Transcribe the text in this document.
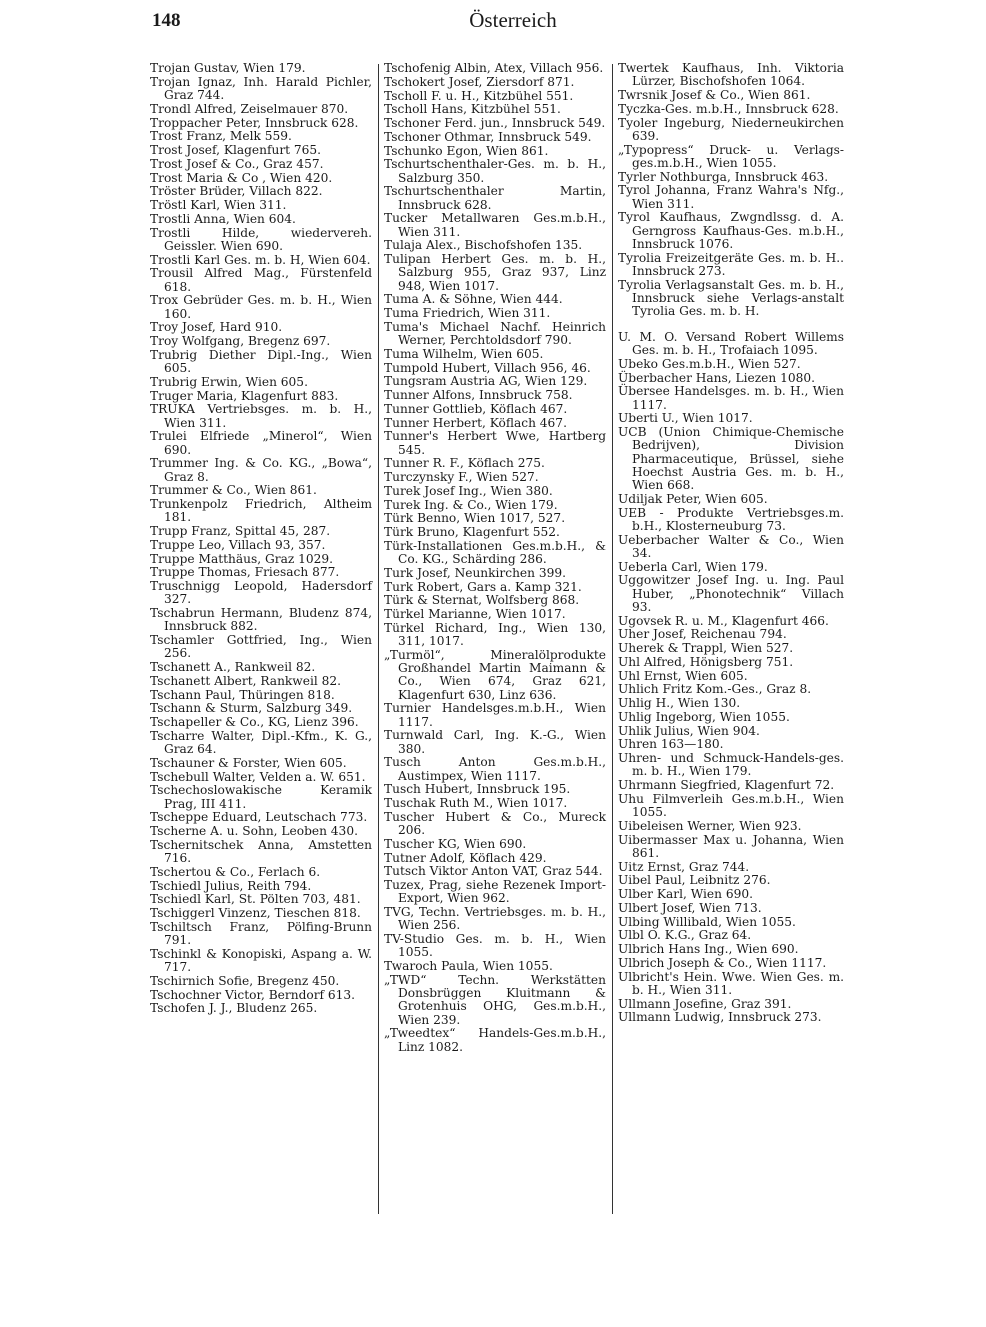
148	Österreich
Trojan Gustav, Wien 179.
Trojan Ignaz, Inh. Harald Pichler, Graz 744.
Trondl Alfred, Zeiselmauer 870.
Troppacher Peter, Innsbruck 628.
Trost Franz, Melk 559.
Trost Josef, Klagenfurt 765.
Trost Josef & Co., Graz 457.
Trost Maria & Co , Wien 420.
Tröster Brüder, Villach 822.
Tröstl Karl, Wien 311.
Trostli Anna, Wien 604.
Trostli Hilde, wiedervereh. Geissler. Wien 690.
Trostli Karl Ges. m. b. H, Wien 604.
Trousil Alfred Mag., Fürstenfeld 618.
Trox Gebrüder Ges. m. b. H., Wien 160.
Troy Josef, Hard 910.
Troy Wolfgang, Bregenz 697.
Trubrig Diether Dipl.-Ing., Wien 605.
Trubrig Erwin, Wien 605.
Truger Maria, Klagenfurt 883.
TRUKA Vertriebsges. m. b. H., Wien 311.
Trulei Elfriede „Minerol“, Wien 690.
Trummer Ing. & Co. KG., „Bowa“, Graz 8.
Trummer & Co., Wien 861.
Trunkenpolz Friedrich, Altheim 181.
Trupp Franz, Spittal 45, 287.
Truppe Leo, Villach 93, 357.
Truppe Matthäus, Graz 1029.
Truppe Thomas, Friesach 877.
Truschnigg Leopold, Hadersdorf 327.
Tschabrun Hermann, Bludenz 874, Innsbruck 882.
Tschamler Gottfried, Ing., Wien 256.
Tschanett A., Rankweil 82.
Tschanett Albert, Rankweil 82.
Tschann Paul, Thüringen 818.
Tschann & Sturm, Salzburg 349.
Tschapeller & Co., KG, Lienz 396.
Tscharre Walter, Dipl.-Kfm., K. G., Graz 64.
Tschauner & Forster, Wien 605.
Tschebull Walter, Velden a. W. 651.
Tschechoslowakische Keramik Prag, III 411.
Tscheppe Eduard, Leutschach 773.
Tscherne A. u. Sohn, Leoben 430.
Tschernitschek Anna, Amstetten 716.
Tschertou & Co., Ferlach 6.
Tschiedl Julius, Reith 794.
Tschiedl Karl, St. Pölten 703, 481.
Tschiggerl Vinzenz, Tieschen 818.
Tschiltsch Franz, Pölfing-Brunn 791.
Tschinkl & Konopiski, Aspang a. W. 717.
Tschirnich Sofie, Bregenz 450.
Tschochner Victor, Berndorf 613.
Tschofen J. J., Bludenz 265.
Tschofenig Albin, Atex, Villach 956.
Tschokert Josef, Ziersdorf 871.
Tscholl F. u. H., Kitzbühel 551.
Tscholl Hans, Kitzbühel 551.
Tschoner Ferd. jun., Innsbruck 549.
Tschoner Othmar, Innsbruck 549.
Tschunko Egon, Wien 861.
Tschurtschenthaler-Ges. m. b. H., Salzburg 350.
Tschurtschenthaler Martin, Innsbruck 628.
Tucker Metallwaren Ges.m.b.H., Wien 311.
Tulaja Alex., Bischofshofen 135.
Tulipan Herbert Ges. m. b. H., Salzburg 955, Graz 937, Linz 948, Wien 1017.
Tuma A. & Söhne, Wien 444.
Tuma Friedrich, Wien 311.
Tuma's Michael Nachf. Heinrich Werner, Perchtoldsdorf 790.
Tuma Wilhelm, Wien 605.
Tumpold Hubert, Villach 956, 46.
Tungsram Austria AG, Wien 129.
Tunner Alfons, Innsbruck 758.
Tunner Gottlieb, Köflach 467.
Tunner Herbert, Köflach 467.
Tunner's Herbert Wwe, Hartberg 545.
Tunner R. F., Köflach 275.
Turczynsky F., Wien 527.
Turek Josef Ing., Wien 380.
Turek Ing. & Co., Wien 179.
Türk Benno, Wien 1017, 527.
Türk Bruno, Klagenfurt 552.
Türk-Installationen Ges.m.b.H., & Co. KG., Schärding 286.
Turk Josef, Neunkirchen 399.
Turk Robert, Gars a. Kamp 321.
Türk & Sternat, Wolfsberg 868.
Türkel Marianne, Wien 1017.
Türkel Richard, Ing., Wien 130, 311, 1017.
„Turmöl“, Mineralölprodukte Großhandel Martin Maimann & Co., Wien 674, Graz 621, Klagenfurt 630, Linz 636.
Turnier Handelsges.m.b.H., Wien 1117.
Turnwald Carl, Ing. K.-G., Wien 380.
Tusch Anton Ges.m.b.H., Austimpex, Wien 1117.
Tusch Hubert, Innsbruck 195.
Tuschak Ruth M., Wien 1017.
Tuscher Hubert & Co., Mureck 206.
Tuscher KG, Wien 690.
Tutner Adolf, Köflach 429.
Tutsch Viktor Anton VAT, Graz 544.
Tuzex, Prag, siehe Rezenek Import-Export, Wien 962.
TVG, Techn. Vertriebsges. m. b. H., Wien 256.
TV-Studio Ges. m. b. H., Wien 1055.
Twaroch Paula, Wien 1055.
„TWD“ Techn. Werkstätten Donsbrüggen Kluitmann & Grotenhuis OHG, Ges.m.b.H., Wien 239.
„Tweedtex“ Handels-Ges.m.b.H., Linz 1082.
Twertek Kaufhaus, Inh. Viktoria Lürzer, Bischofshofen 1064.
Twrsnik Josef & Co., Wien 861.
Tyczka-Ges. m.b.H., Innsbruck 628.
Tyoler Ingeburg, Niederneukirchen 639.
„Typopress“ Druck- u. Verlags-ges.m.b.H., Wien 1055.
Tyrler Nothburga, Innsbruck 463.
Tyrol Johanna, Franz Wahra's Nfg., Wien 311.
Tyrol Kaufhaus, Zwgndlssg. d. A. Gerngross Kaufhaus-Ges. m.b.H., Innsbruck 1076.
Tyrolia Freizeitgeräte Ges. m. b. H.. Innsbruck 273.
Tyrolia Verlagsanstalt Ges. m. b. H., Innsbruck siehe Verlags-anstalt Tyrolia Ges. m. b. H.
U. M. O. Versand Robert Willems Ges. m. b. H., Trofaiach 1095.
Ubeko Ges.m.b.H., Wien 527.
Überbacher Hans, Liezen 1080.
Übersee Handelsges. m. b. H., Wien 1117.
Uberti U., Wien 1017.
UCB (Union Chimique-Chemische Bedrijven), Division Pharmaceutique, Brüssel, siehe Hoechst Austria Ges. m. b. H., Wien 668.
Udiljak Peter, Wien 605.
UEB - Produkte Vertriebsges.m. b.H., Klosterneuburg 73.
Ueberbacher Walter & Co., Wien 34.
Ueberla Carl, Wien 179.
Uggowitzer Josef Ing. u. Ing. Paul Huber, „Phonotechnik“ Villach 93.
Ugovsek R. u. M., Klagenfurt 466.
Uher Josef, Reichenau 794.
Uherek & Trappl, Wien 527.
Uhl Alfred, Hönigsberg 751.
Uhl Ernst, Wien 605.
Uhlich Fritz Kom.-Ges., Graz 8.
Uhlig H., Wien 130.
Uhlig Ingeborg, Wien 1055.
Uhlik Julius, Wien 904.
Uhren 163—180.
Uhren- und Schmuck-Handels-ges. m. b. H., Wien 179.
Uhrmann Siegfried, Klagenfurt 72.
Uhu Filmverleih Ges.m.b.H., Wien 1055.
Uibeleisen Werner, Wien 923.
Uibermasser Max u. Johanna, Wien 861.
Uitz Ernst, Graz 744.
Uibel Paul, Leibnitz 276.
Ulber Karl, Wien 690.
Ulbert Josef, Wien 713.
Ulbing Willibald, Wien 1055.
Ulbl O. K.G., Graz 64.
Ulbrich Hans Ing., Wien 690.
Ulbrich Joseph & Co., Wien 1117.
Ulbricht's Hein. Wwe. Wien Ges. m. b. H., Wien 311.
Ullmann Josefine, Graz 391.
Ullmann Ludwig, Innsbruck 273.
